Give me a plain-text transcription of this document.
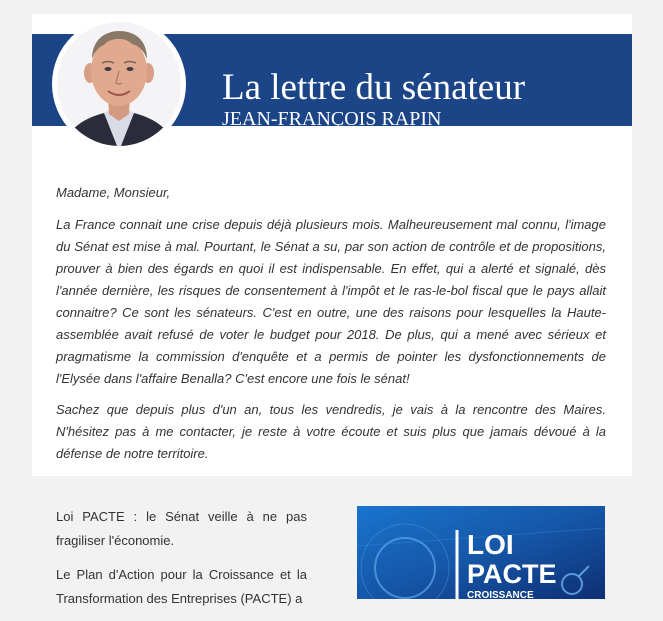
La lettre du sénateur
JEAN-FRANÇOIS RAPIN

Madame, Monsieur,

La France connait une crise depuis déjà plusieurs mois. Malheureusement mal connu, l'image du Sénat est mise à mal. Pourtant, le Sénat a su, par son action de contrôle et de propositions, prouver à bien des égards en quoi il est indispensable. En effet, qui a alerté et signalé, dès l'année dernière, les risques de consentement à l'impôt et le ras-le-bol fiscal que le pays allait connaitre? Ce sont les sénateurs. C'est en outre, une des raisons pour lesquelles la Haute-assemblée avait refusé de voter le budget pour 2018. De plus, qui a mené avec sérieux et pragmatisme la commission d'enquête et a permis de pointer les dysfonctionnements de l'Elysée dans l'affaire Benalla? C'est encore une fois le sénat!

Sachez que depuis plus d'un an, tous les vendredis, je vais à la rencontre des Maires. N'hésitez pas à me contacter, je reste à votre écoute et suis plus que jamais dévoué à la défense de notre territoire.

Loi PACTE : le Sénat veille à ne pas fragiliser l'économie.

Le Plan d'Action pour la Croissance et la Transformation des Entreprises (PACTE) a

LOI
PACTE
CROISSANCE
